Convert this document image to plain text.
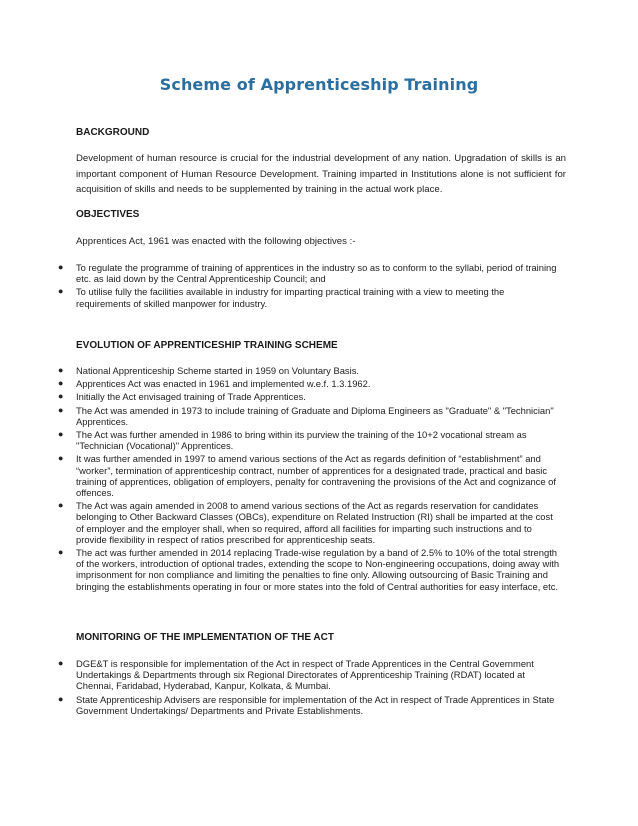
Scheme of Apprenticeship Training
BACKGROUND
Development of human resource is crucial for the industrial development of any nation. Upgradation of skills is an important component of Human Resource Development. Training imparted in Institutions alone is not sufficient for acquisition of skills and needs to be supplemented by training in the actual work place.
OBJECTIVES
Apprentices Act, 1961 was enacted with the following objectives :-
● To regulate the programme of training of apprentices in the industry so as to conform to the syllabi, period of training etc. as laid down by the Central Apprenticeship Council; and
● To utilise fully the facilities available in industry for imparting practical training with a view to meeting the requirements of skilled manpower for industry.
EVOLUTION OF APPRENTICESHIP TRAINING SCHEME
● National Apprenticeship Scheme started in 1959 on Voluntary Basis.
● Apprentices Act was enacted in 1961 and implemented w.e.f. 1.3.1962.
● Initially the Act envisaged training of Trade Apprentices.
● The Act was amended in 1973 to include training of Graduate and Diploma Engineers as "Graduate" & "Technician" Apprentices.
● The Act was further amended in 1986 to bring within its purview the training of the 10+2 vocational stream as "Technician (Vocational)" Apprentices.
● It was further amended in 1997 to amend various sections of the Act as regards definition of “establishment” and “worker”, termination of apprenticeship contract, number of apprentices for a designated trade, practical and basic training of apprentices, obligation of employers, penalty for contravening the provisions of the Act and cognizance of offences.
● The Act was again amended in 2008 to amend various sections of the Act as regards reservation for candidates belonging to Other Backward Classes (OBCs), expenditure on Related Instruction (RI) shall be imparted at the cost of employer and the employer shall, when so required, afford all facilities for imparting such instructions and to provide flexibility in respect of ratios prescribed for apprenticeship seats.
● The act was further amended in 2014 replacing Trade-wise regulation by a band of 2.5% to 10% of the total strength of the workers, introduction of optional trades, extending the scope to Non-engineering occupations, doing away with imprisonment for non compliance and limiting the penalties to fine only. Allowing outsourcing of Basic Training and bringing the establishments operating in four or more states into the fold of Central authorities for easy interface, etc.
MONITORING OF THE IMPLEMENTATION OF THE ACT
● DGE&T is responsible for implementation of the Act in respect of Trade Apprentices in the Central Government Undertakings & Departments through six Regional Directorates of Apprenticeship Training (RDAT) located at Chennai, Faridabad, Hyderabad, Kanpur, Kolkata, & Mumbai.
● State Apprenticeship Advisers are responsible for implementation of the Act in respect of Trade Apprentices in State Government Undertakings/ Departments and Private Establishments.
